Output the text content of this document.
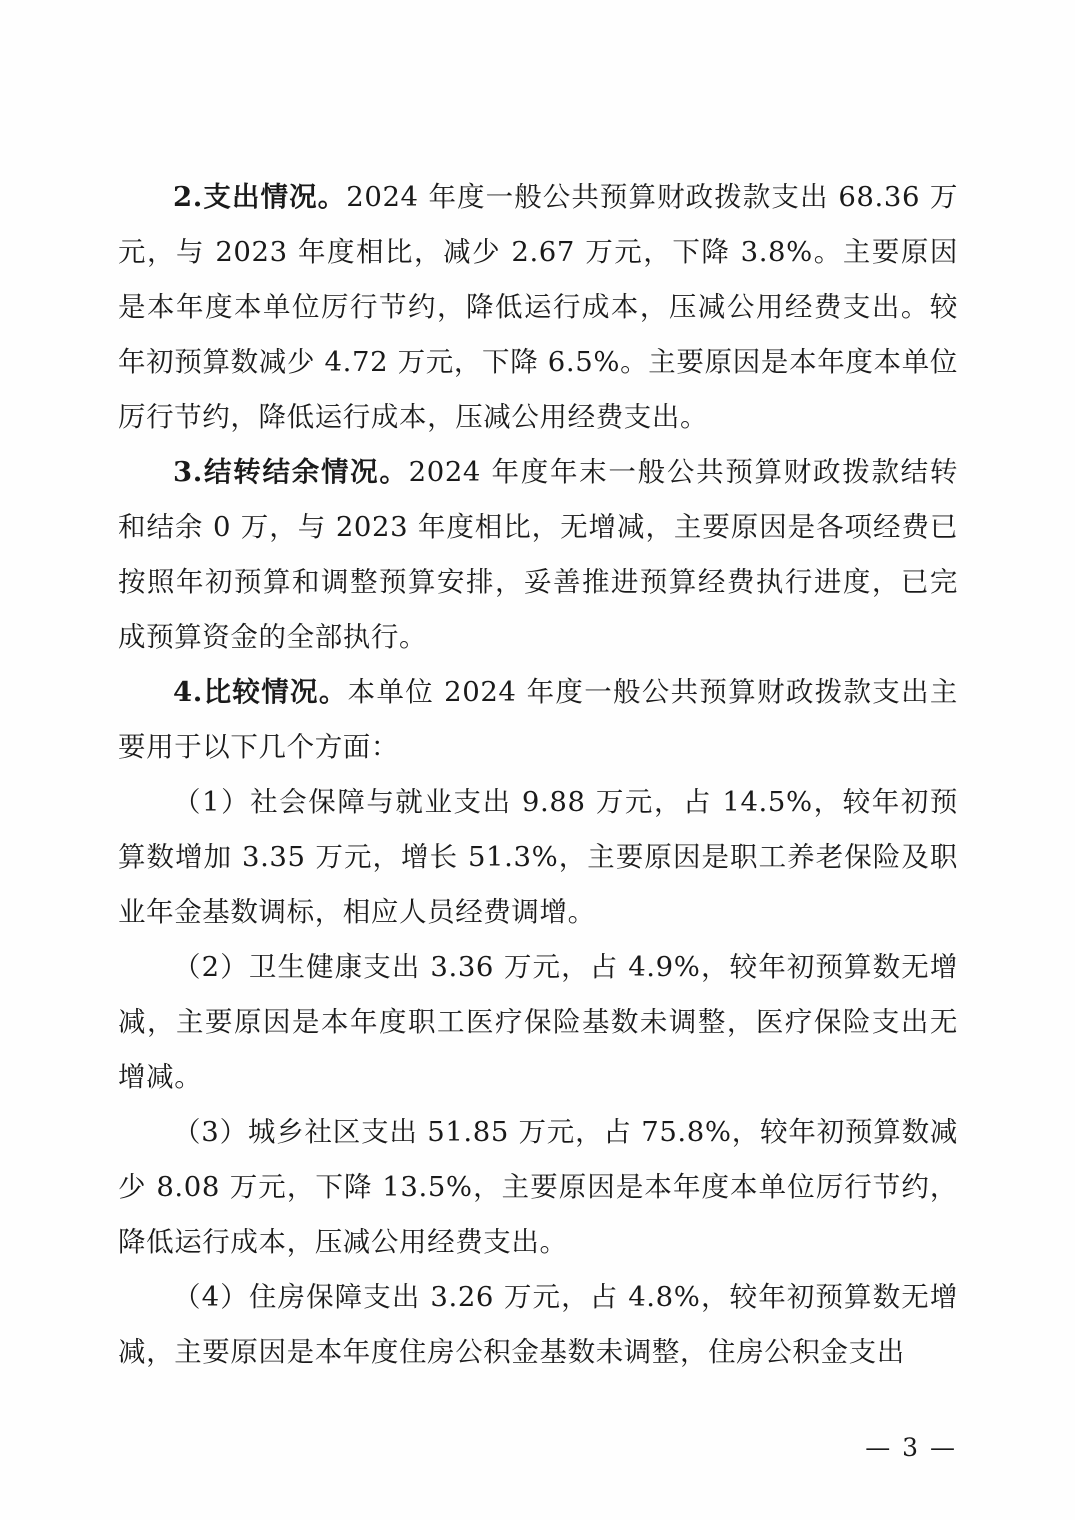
2.支出情况。2024 年度一般公共预算财政拨款支出 68.36 万元，与 2023 年度相比，减少 2.67 万元，下降 3.8%。主要原因是本年度本单位厉行节约，降低运行成本，压减公用经费支出。较年初预算数减少 4.72 万元，下降 6.5%。主要原因是本年度本单位厉行节约，降低运行成本，压减公用经费支出。

3.结转结余情况。2024 年度年末一般公共预算财政拨款结转和结余 0 万，与 2023 年度相比，无增减，主要原因是各项经费已按照年初预算和调整预算安排，妥善推进预算经费执行进度，已完成预算资金的全部执行。

4.比较情况。本单位 2024 年度一般公共预算财政拨款支出主要用于以下几个方面：

（1）社会保障与就业支出 9.88 万元，占 14.5%，较年初预算数增加 3.35 万元，增长 51.3%，主要原因是职工养老保险及职业年金基数调标，相应人员经费调增。

（2）卫生健康支出 3.36 万元，占 4.9%，较年初预算数无增减，主要原因是本年度职工医疗保险基数未调整，医疗保险支出无增减。

（3）城乡社区支出 51.85 万元，占 75.8%，较年初预算数减少 8.08 万元，下降 13.5%，主要原因是本年度本单位厉行节约，降低运行成本，压减公用经费支出。

（4）住房保障支出 3.26 万元，占 4.8%，较年初预算数无增减，主要原因是本年度住房公积金基数未调整，住房公积金支出

— 3 —
